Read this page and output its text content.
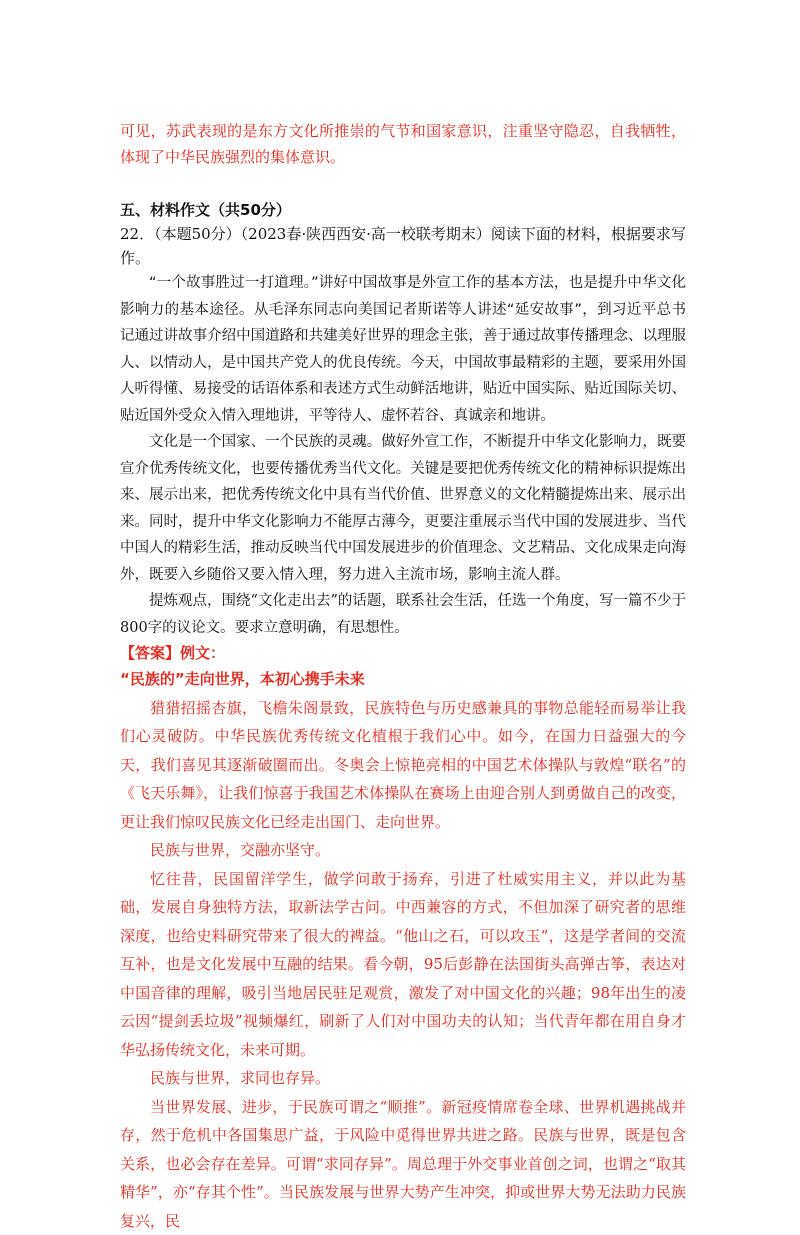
可见，苏武表现的是东方文化所推崇的气节和国家意识，注重坚守隐忍，自我牺牲，体现了中华民族强烈的集体意识。

五、材料作文（共50分）

22．（本题50分）（2023春·陕西西安·高一校联考期末）阅读下面的材料，根据要求写作。

“一个故事胜过一打道理。”讲好中国故事是外宣工作的基本方法，也是提升中华文化影响力的基本途径。从毛泽东同志向美国记者斯诺等人讲述“延安故事”，到习近平总书记通过讲故事介绍中国道路和共建美好世界的理念主张，善于通过故事传播理念、以理服人、以情动人，是中国共产党人的优良传统。今天，中国故事最精彩的主题，要采用外国人听得懂、易接受的话语体系和表述方式生动鲜活地讲，贴近中国实际、贴近国际关切、贴近国外受众入情入理地讲，平等待人、虚怀若谷、真诚亲和地讲。

文化是一个国家、一个民族的灵魂。做好外宣工作，不断提升中华文化影响力，既要宣介优秀传统文化，也要传播优秀当代文化。关键是要把优秀传统文化的精神标识提炼出来、展示出来，把优秀传统文化中具有当代价值、世界意义的文化精髓提炼出来、展示出来。同时，提升中华文化影响力不能厚古薄今，更要注重展示当代中国的发展进步、当代中国人的精彩生活，推动反映当代中国发展进步的价值理念、文艺精品、文化成果走向海外，既要入乡随俗又要入情入理，努力进入主流市场，影响主流人群。

提炼观点，围绕“文化走出去”的话题，联系社会生活，任选一个角度，写一篇不少于800字的议论文。要求立意明确，有思想性。

【答案】例文：

“民族的”走向世界，本初心携手未来

猎猎招摇杏旗，飞檐朱阁景致，民族特色与历史感兼具的事物总能轻而易举让我们心灵破防。中华民族优秀传统文化植根于我们心中。如今，在国力日益强大的今天，我们喜见其逐渐破圈而出。冬奥会上惊艳亮相的中国艺术体操队与敦煌“联名”的《飞天乐舞》，让我们惊喜于我国艺术体操队在赛场上由迎合别人到勇做自己的改变，更让我们惊叹民族文化已经走出国门、走向世界。

民族与世界，交融亦坚守。

忆往昔，民国留洋学生，做学问敢于扬弃，引进了杜威实用主义，并以此为基础，发展自身独特方法，取新法学古问。中西兼容的方式，不但加深了研究者的思维深度，也给史料研究带来了很大的裨益。“他山之石，可以攻玉”，这是学者间的交流互补，也是文化发展中互融的结果。看今朝，95后彭静在法国街头高弹古筝，表达对中国音律的理解，吸引当地居民驻足观赏，激发了对中国文化的兴趣；98年出生的凌云因“提剑丢垃圾”视频爆红，刷新了人们对中国功夫的认知；当代青年都在用自身才华弘扬传统文化，未来可期。

民族与世界，求同也存异。

当世界发展、进步，于民族可谓之“顺推”。新冠疫情席卷全球、世界机遇挑战并存，然于危机中各国集思广益，于风险中觅得世界共进之路。民族与世界，既是包含关系，也必会存在差异。可谓“求同存异”。周总理于外交事业首创之词，也谓之“取其精华”，亦“存其个性”。当民族发展与世界大势产生冲突，抑或世界大势无法助力民族复兴，民
